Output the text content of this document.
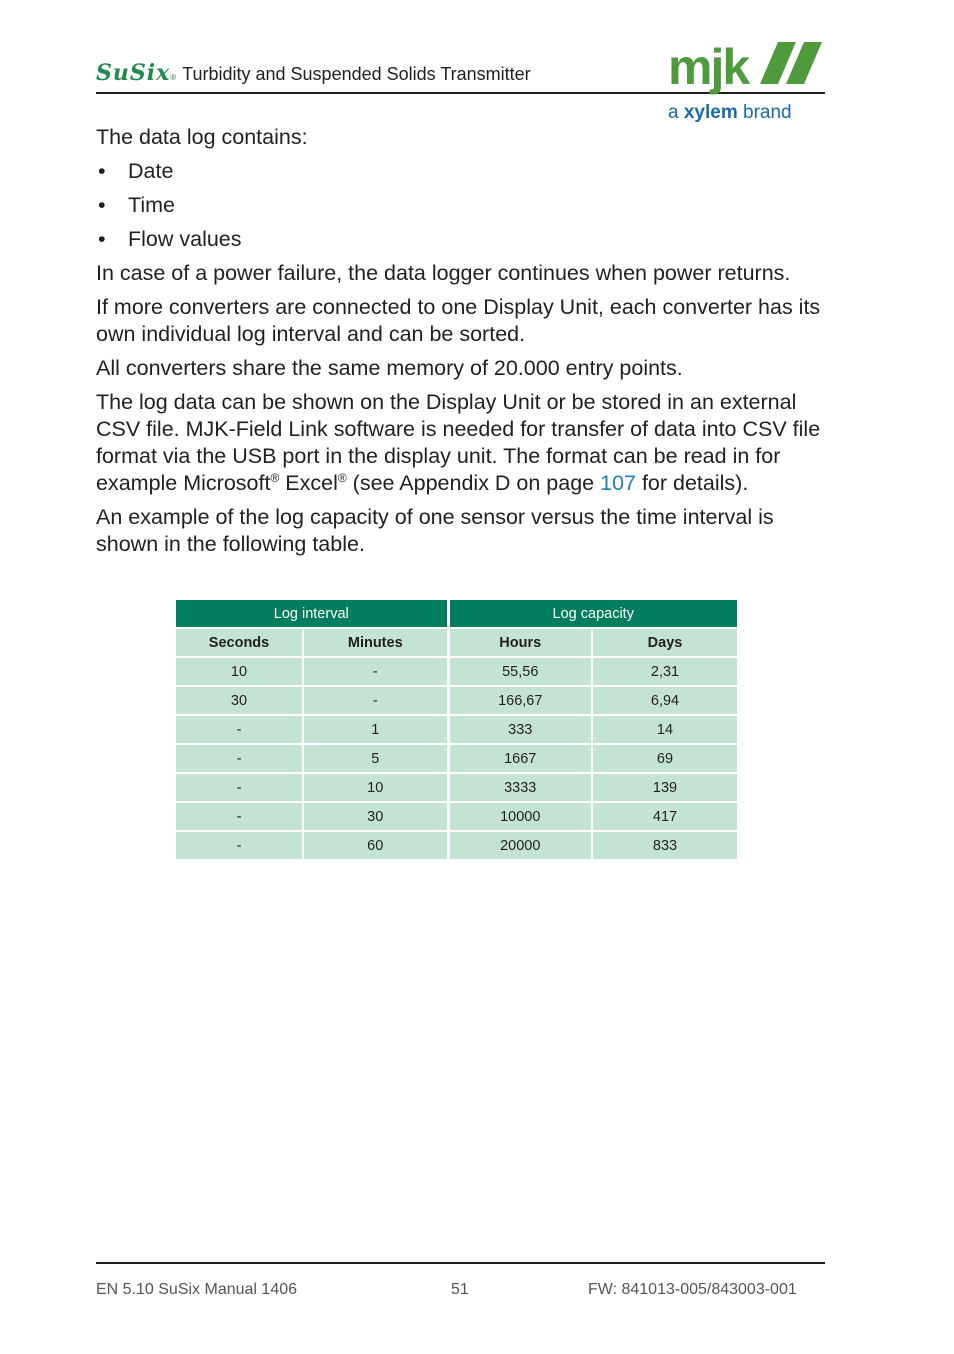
SuSix ® Turbidity and Suspended Solids Transmitter	mjk
a xylem brand

The data log contains:

• Date
• Time
• Flow values

In case of a power failure, the data logger continues when power returns.

If more converters are connected to one Display Unit, each converter has its own individual log interval and can be sorted.

All converters share the same memory of 20.000 entry points.

The log data can be shown on the Display Unit or be stored in an external CSV file. MJK-Field Link software is needed for transfer of data into CSV file format via the USB port in the display unit. The format can be read in for example Microsoft® Excel® (see Appendix D on page 107 for details).

An example of the log capacity of one sensor versus the time interval is shown in the following table.

Log interval		Log capacity	
Seconds	Minutes	Hours	Days
10	-	55,56	2,31
30	-	166,67	6,94
-	1	333	14
-	5	1667	69
-	10	3333	139
-	30	10000	417
-	60	20000	833
EN 5.10 SuSix Manual 1406	51	FW: 841013-005/843003-001
